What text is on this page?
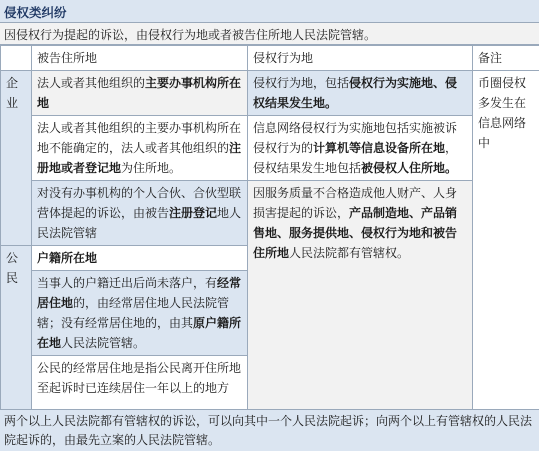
侵权类纠纷
因侵权行为提起的诉讼，由侵权行为地或者被告住所地人民法院管辖。
	被告住所地	侵权行为地	备注
企
业	法人或者其他组织的主要办事机构所在地	侵权行为地，包括侵权行为实施地、侵权结果发生地。	币圈侵权多发生在信息网络中
	法人或者其他组织的主要办事机构所在地不能确定的，法人或者其他组织的注册地或者登记地为住所地。	信息网络侵权行为实施地包括实施被诉侵权行为的计算机等信息设备所在地，侵权结果发生地包括被侵权人住所地。	
	对没有办事机构的个人合伙、合伙型联营体提起的诉讼，由被告注册登记地人民法院管辖	因服务质量不合格造成他人财产、人身损害提起的诉讼，产品制造地、产品销售地、服务提供地、侵权行为地和被告住所地人民法院都有管辖权。	
公
民	户籍所在地		
	当事人的户籍迁出后尚未落户，有经常居住地的，由经常居住地人民法院管辖；没有经常居住地的，由其原户籍所在地人民法院管辖。		
	公民的经常居住地是指公民离开住所地至起诉时已连续居住一年以上的地方		
两个以上人民法院都有管辖权的诉讼，可以向其中一个人民法院起诉；向两个以上有管辖权的人民法院起诉的，由最先立案的人民法院管辖。
